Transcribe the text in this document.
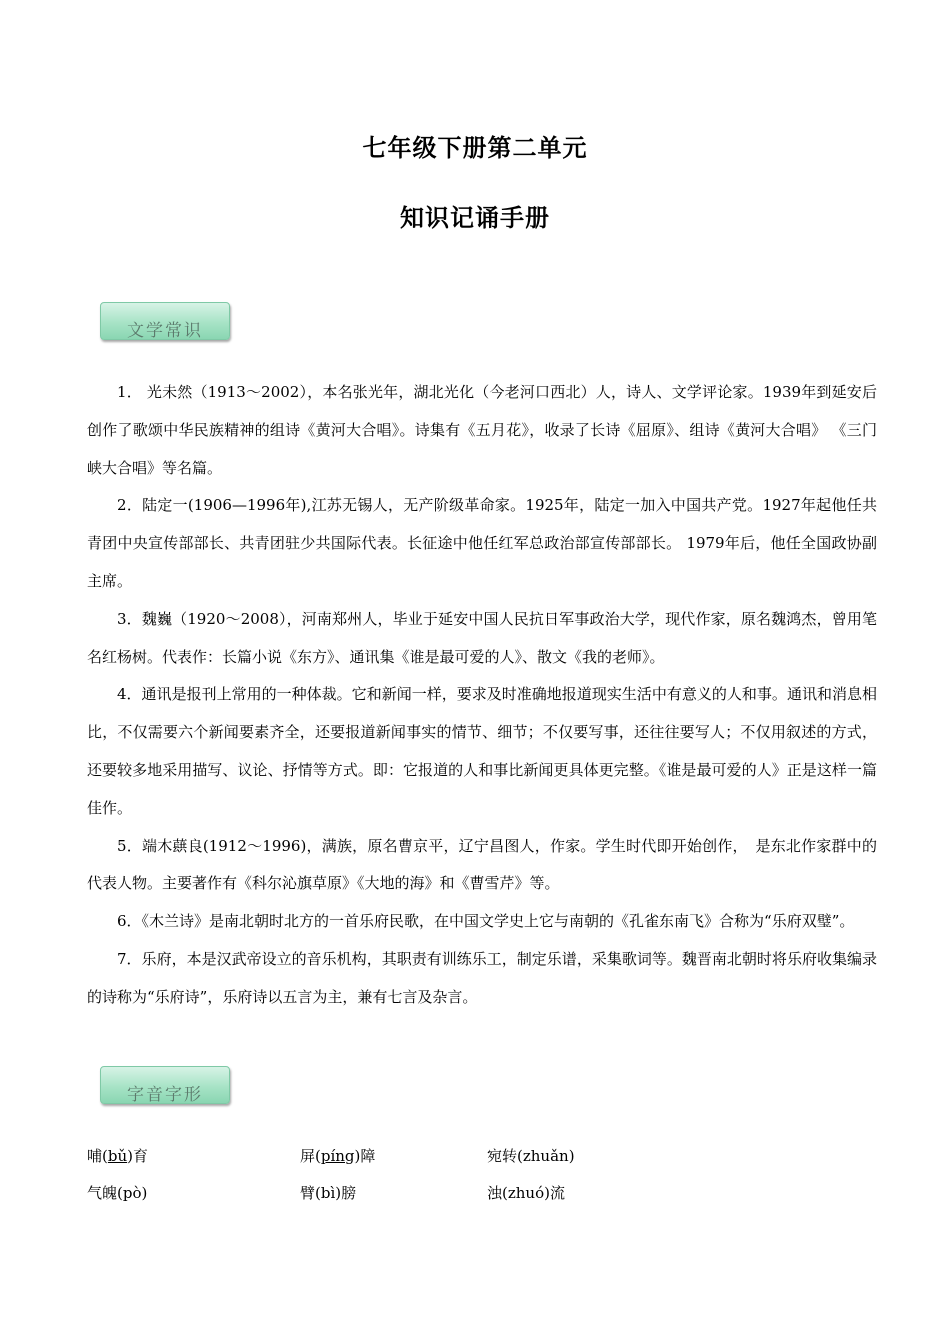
七年级下册第二单元
知识记诵手册
文学常识

1． 光未然（1913～2002），本名张光年，湖北光化（今老河口西北）人，诗人、文学评论家。1939年到延安后创作了歌颂中华民族精神的组诗《黄河大合唱》。诗集有《五月花》，收录了长诗《屈原》、组诗《黄河大合唱》 《三门峡大合唱》等名篇。

2．陆定一(1906—1996年),江苏无锡人，无产阶级革命家。1925年，陆定一加入中国共产党。1927年起他任共青团中央宣传部部长、共青团驻少共国际代表。长征途中他任红军总政治部宣传部部长。 1979年后，他任全国政协副主席。

3．魏巍（1920～2008），河南郑州人，毕业于延安中国人民抗日军事政治大学，现代作家，原名魏鸿杰，曾用笔名红杨树。代表作：长篇小说《东方》、通讯集《谁是最可爱的人》、散文《我的老师》。

4．通讯是报刊上常用的一种体裁。它和新闻一样，要求及时准确地报道现实生活中有意义的人和事。通讯和消息相比，不仅需要六个新闻要素齐全，还要报道新闻事实的情节、细节；不仅要写事，还往往要写人；不仅用叙述的方式，还要较多地采用描写、议论、抒情等方式。即：它报道的人和事比新闻更具体更完整。《谁是最可爱的人》正是这样一篇佳作。

5．端木蕻良(1912～1996)，满族，原名曹京平，辽宁昌图人，作家。学生时代即开始创作，　是东北作家群中的代表人物。主要著作有《科尔沁旗草原》《大地的海》和《曹雪芹》等。

6．《木兰诗》是南北朝时北方的一首乐府民歌，在中国文学史上它与南朝的《孔雀东南飞》合称为“乐府双璧”。

7．乐府，本是汉武帝设立的音乐机构，其职责有训练乐工，制定乐谱，采集歌词等。魏晋南北朝时将乐府收集编录的诗称为“乐府诗”，乐府诗以五言为主，兼有七言及杂言。

字音字形
哺(bǔ)育	屏(píng)障	宛转(zhuǎn)
气魄(pò)	臂(bì)膀	浊(zhuó)流
